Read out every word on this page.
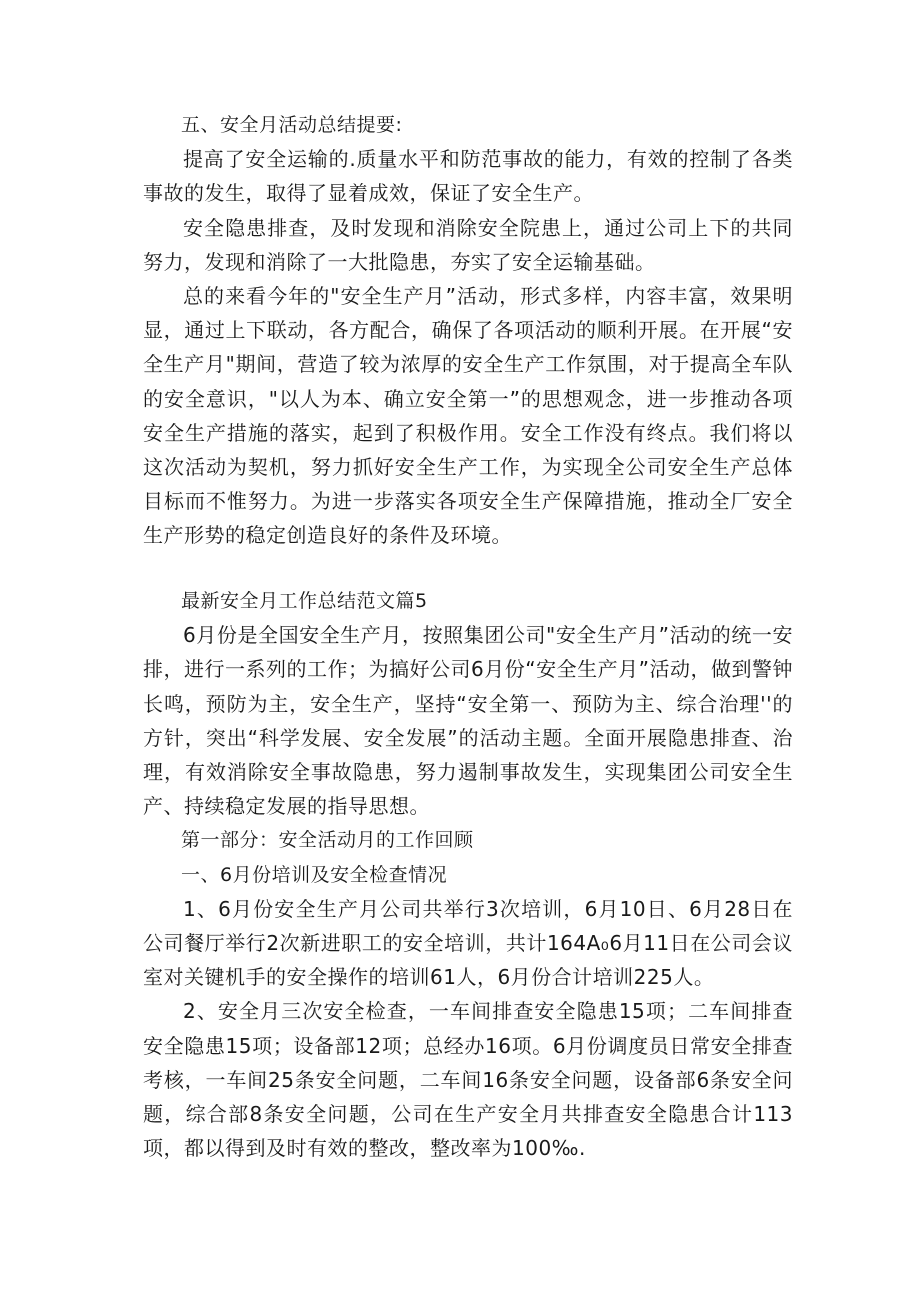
五、安全月活动总结提要:

提高了安全运输的.质量水平和防范事故的能力，有效的控制了各类事故的发生，取得了显着成效，保证了安全生产。

安全隐患排查，及时发现和消除安全院患上，通过公司上下的共同努力，发现和消除了一大批隐患，夯实了安全运输基础。

总的来看今年的"安全生产月”活动，形式多样，内容丰富，效果明显，通过上下联动，各方配合，确保了各项活动的顺利开展。在开展“安全生产月"期间，营造了较为浓厚的安全生产工作氛围，对于提高全车队的安全意识，"以人为本、确立安全第一”的思想观念，进一步推动各项安全生产措施的落实，起到了积极作用。安全工作没有终点。我们将以这次活动为契机，努力抓好安全生产工作，为实现全公司安全生产总体目标而不惟努力。为进一步落实各项安全生产保障措施，推动全厂安全生产形势的稳定创造良好的条件及环境。

最新安全月工作总结范文篇5

6月份是全国安全生产月，按照集团公司"安全生产月”活动的统一安排，进行一系列的工作；为搞好公司6月份“安全生产月”活动，做到警钟长鸣，预防为主，安全生产，坚持“安全第一、预防为主、综合治理''的方针，突出“科学发展、安全发展”的活动主题。全面开展隐患排查、治理，有效消除安全事故隐患，努力遏制事故发生，实现集团公司安全生产、持续稳定发展的指导思想。

第一部分：安全活动月的工作回顾

一、6月份培训及安全检查情况

1、6月份安全生产月公司共举行3次培训，6月10日、6月28日在公司餐厅举行2次新进职工的安全培训，共计164A₀6月11日在公司会议室对关键机手的安全操作的培训61人，6月份合计培训225人。

2、安全月三次安全检查，一车间排查安全隐患15项；二车间排查安全隐患15项；设备部12项；总经办16项。6月份调度员日常安全排查考核，一车间25条安全问题，二车间16条安全问题，设备部6条安全问题，综合部8条安全问题，公司在生产安全月共排查安全隐患合计113项，都以得到及时有效的整改，整改率为100‰.
